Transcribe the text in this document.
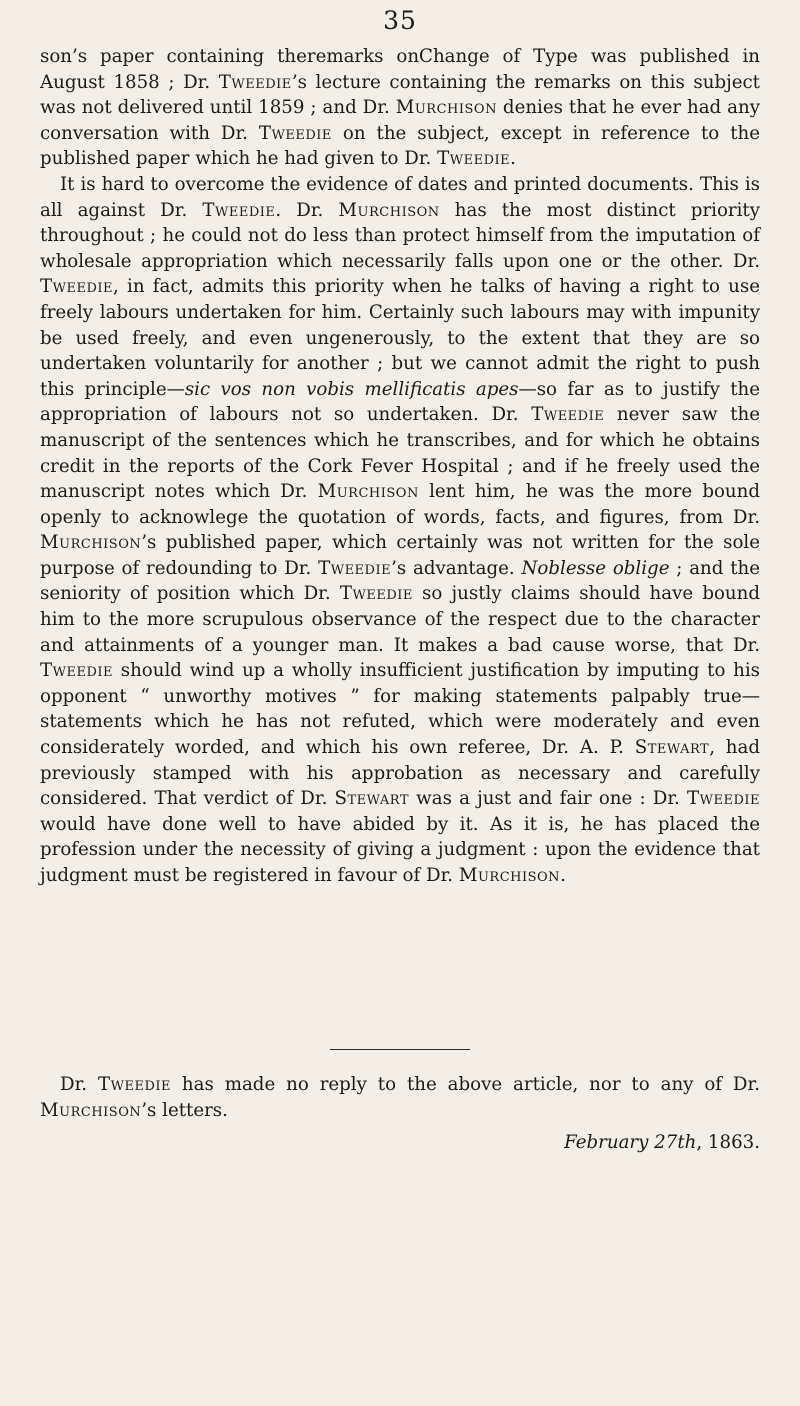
35

son’s paper containing theremarks onChange of Type was published in August 1858 ; Dr. Tweedie’s lecture containing the remarks on this subject was not delivered until 1859 ; and Dr. Murchison denies that he ever had any conversation with Dr. Tweedie on the subject, except in reference to the published paper which he had given to Dr. Tweedie.

It is hard to overcome the evidence of dates and printed documents. This is all against Dr. Tweedie. Dr. Murchison has the most distinct priority throughout ; he could not do less than protect himself from the imputation of wholesale appropriation which necessarily falls upon one or the other. Dr. Tweedie, in fact, admits this priority when he talks of having a right to use freely labours undertaken for him. Certainly such labours may with impunity be used freely, and even ungenerously, to the extent that they are so undertaken voluntarily for another ; but we cannot admit the right to push this principle—sic vos non vobis mellificatis apes—so far as to justify the appropriation of labours not so undertaken. Dr. Tweedie never saw the manuscript of the sentences which he transcribes, and for which he obtains credit in the reports of the Cork Fever Hospital ; and if he freely used the manuscript notes which Dr. Murchison lent him, he was the more bound openly to acknowlege the quotation of words, facts, and figures, from Dr. Murchison’s published paper, which certainly was not written for the sole purpose of redounding to Dr. Tweedie’s advantage. Noblesse oblige ; and the seniority of position which Dr. Tweedie so justly claims should have bound him to the more scrupulous observance of the respect due to the character and attainments of a younger man. It makes a bad cause worse, that Dr. Tweedie should wind up a wholly insufficient justification by imputing to his opponent “ unworthy motives ” for making statements palpably true—statements which he has not refuted, which were moderately and even considerately worded, and which his own referee, Dr. A. P. Stewart, had previously stamped with his approbation as necessary and carefully considered. That verdict of Dr. Stewart was a just and fair one : Dr. Tweedie would have done well to have abided by it. As it is, he has placed the profession under the necessity of giving a judgment : upon the evidence that judgment must be registered in favour of Dr. Murchison.

Dr. Tweedie has made no reply to the above article, nor to any of Dr. Murchison’s letters.

February 27th, 1863.
